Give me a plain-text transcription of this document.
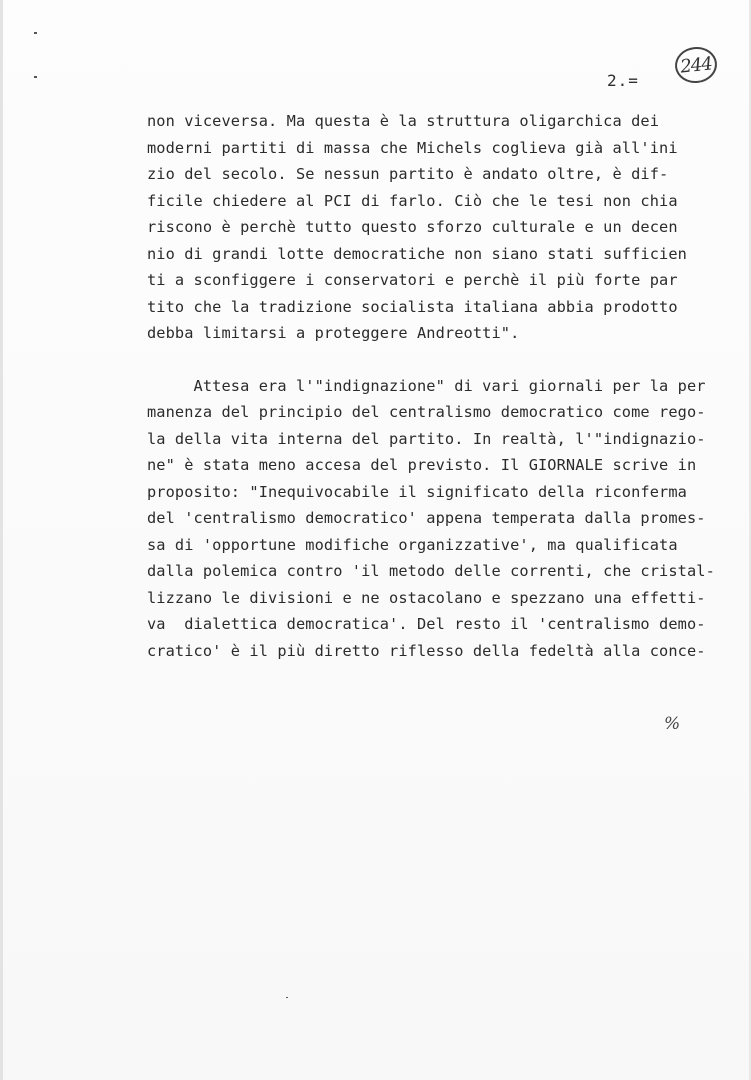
244
2.=
non viceversa. Ma questa è la struttura oligarchica dei
moderni partiti di massa che Michels coglieva già all'ini
zio del secolo. Se nessun partito è andato oltre, è dif-
ficile chiedere al PCI di farlo. Ciò che le tesi non chia
riscono è perchè tutto questo sforzo culturale e un decen
nio di grandi lotte democratiche non siano stati sufficien
ti a sconfiggere i conservatori e perchè il più forte par
tito che la tradizione socialista italiana abbia prodotto
debba limitarsi a proteggere Andreotti".
Attesa era l'"indignazione" di vari giornali per la per
manenza del principio del centralismo democratico come rego-
la della vita interna del partito. In realtà, l'"indignazio-
ne" è stata meno accesa del previsto. Il GIORNALE scrive in
proposito: "Inequivocabile il significato della riconferma
del 'centralismo democratico' appena temperata dalla promes-
sa di 'opportune modifiche organizzative', ma qualificata
dalla polemica contro 'il metodo delle correnti, che cristal-
lizzano le divisioni e ne ostacolano e spezzano una effetti-
va  dialettica democratica'. Del resto il 'centralismo demo-
cratico' è il più diretto riflesso della fedeltà alla conce-
%
